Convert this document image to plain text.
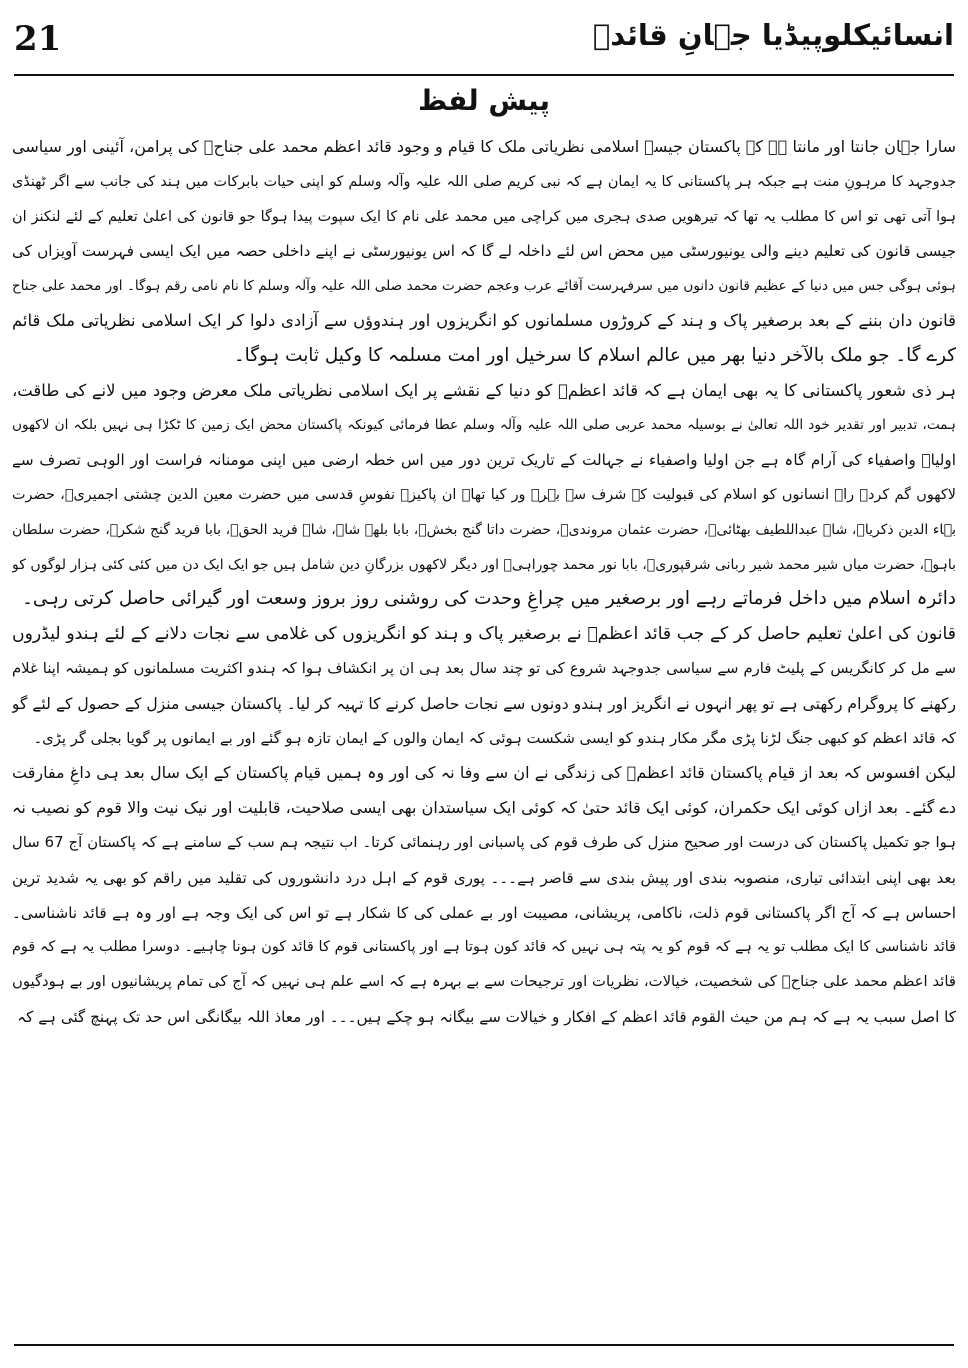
21	انسائیکلوپیڈیا جہانِ قائدؒ
پیش لفظ
سارا جہان جانتا اور مانتا ہے کہ پاکستان جیسے اسلامی نظریاتی ملک کا قیام و وجود قائد اعظم محمد علی جناحؒ کی پرامن، آئینی اور سیاسی
جدوجہد کا مرہونِ منت ہے جبکہ ہر پاکستانی کا یہ ایمان ہے کہ نبی کریم صلی اللہ علیہ وآلہ وسلم کو اپنی حیات بابرکات میں ہند کی جانب سے اگر ٹھنڈی
ہوا آتی تھی تو اس کا مطلب یہ تھا کہ تیرھویں صدی ہجری میں کراچی میں محمد علی نام کا ایک سپوت پیدا ہوگا جو قانون کی اعلیٰ تعلیم کے لئے لنکنز ان
جیسی قانون کی تعلیم دینے والی یونیورسٹی میں محض اس لئے داخلہ لے گا کہ اس یونیورسٹی نے اپنے داخلی حصہ میں ایک ایسی فہرست آویزاں کی
ہوئی ہوگی جس میں دنیا کے عظیم قانون دانوں میں سرفہرست آقائے عرب وعجم حضرت محمد صلی اللہ علیہ وآلہ وسلم کا نام نامی رقم ہوگا۔ اور محمد علی جناح
قانون دان بننے کے بعد برصغیر پاک و ہند کے کروڑوں مسلمانوں کو انگریزوں اور ہندوؤں سے آزادی دلوا کر ایک اسلامی نظریاتی ملک قائم
کرے گا۔ جو ملک بالآخر دنیا بھر میں عالم اسلام کا سرخیل اور امت مسلمہ کا وکیل ثابت ہوگا۔
ہر ذی شعور پاکستانی کا یہ بھی ایمان ہے کہ قائد اعظمؒ کو دنیا کے نقشے پر ایک اسلامی نظریاتی ملک معرض وجود میں لانے کی طاقت،
ہمت، تدبیر اور تقدیر خود اللہ تعالیٰ نے بوسیلہ محمد عربی صلی اللہ علیہ وآلہ وسلم عطا فرمائی کیونکہ پاکستان محض ایک زمین کا ٹکڑا ہی نہیں بلکہ ان لاکھوں
اولیاؒ واصفیاء کی آرام گاہ ہے جن اولیا واصفیاء نے جہالت کے تاریک ترین دور میں اس خطہ ارضی میں اپنی مومنانہ فراست اور الوہی تصرف سے
لاکھوں گم کردہ راہ انسانوں کو اسلام کی قبولیت کے شرف سے بہرہ ور کیا تھا۔ ان پاکیزہ نفوسِ قدسی میں حضرت معین الدین چشتی اجمیریؒ، حضرت
بہاء الدین ذکریاؒ، شاہ عبداللطیف بھٹائیؒ، حضرت عثمان مروندیؒ، حضرت داتا گنج بخشؒ، بابا بلھے شاہ، شاہ فرید الحقؒ، بابا فرید گنج شکرؒ، حضرت سلطان
باہوؒ، حضرت میاں شیر محمد شیر ربانی شرقپوریؒ، بابا نور محمد چوراہیؒ اور دیگر لاکھوں بزرگانِ دین شامل ہیں جو ایک ایک دن میں کئی کئی ہزار لوگوں کو
دائرہ اسلام میں داخل فرماتے رہے اور برصغیر میں چراغِ وحدت کی روشنی روز بروز وسعت اور گیرائی حاصل کرتی رہی۔
قانون کی اعلیٰ تعلیم حاصل کر کے جب قائد اعظمؒ نے برصغیر پاک و ہند کو انگریزوں کی غلامی سے نجات دلانے کے لئے ہندو لیڈروں
سے مل کر کانگریس کے پلیٹ فارم سے سیاسی جدوجہد شروع کی تو چند سال بعد ہی ان پر انکشاف ہوا کہ ہندو اکثریت مسلمانوں کو ہمیشہ اپنا غلام
رکھنے کا پروگرام رکھتی ہے تو پھر انہوں نے انگریز اور ہندو دونوں سے نجات حاصل کرنے کا تہیہ کر لیا۔ پاکستان جیسی منزل کے حصول کے لئے گو
کہ قائد اعظم کو کبھی جنگ لڑنا پڑی مگر مکار ہندو کو ایسی شکست ہوئی کہ ایمان والوں کے ایمان تازہ ہو گئے اور بے ایمانوں پر گویا بجلی گر پڑی۔
لیکن افسوس کہ بعد از قیام پاکستان قائد اعظمؒ کی زندگی نے ان سے وفا نہ کی اور وہ ہمیں قیام پاکستان کے ایک سال بعد ہی داغِ مفارقت
دے گئے۔ بعد ازاں کوئی ایک حکمران، کوئی ایک قائد حتیٰ کہ کوئی ایک سیاستدان بھی ایسی صلاحیت، قابلیت اور نیک نیت والا قوم کو نصیب نہ
ہوا جو تکمیل پاکستان کی درست اور صحیح منزل کی طرف قوم کی پاسبانی اور رہنمائی کرتا۔ اب نتیجہ ہم سب کے سامنے ہے کہ پاکستان آج 67 سال
بعد بھی اپنی ابتدائی تیاری، منصوبہ بندی اور پیش بندی سے قاصر ہے۔۔۔ پوری قوم کے اہل درد دانشوروں کی تقلید میں راقم کو بھی یہ شدید ترین
احساس ہے کہ آج اگر پاکستانی قوم ذلت، ناکامی، پریشانی، مصیبت اور بے عملی کی کا شکار ہے تو اس کی ایک وجہ ہے اور وہ ہے قائد ناشناسی۔
قائد ناشناسی کا ایک مطلب تو یہ ہے کہ قوم کو یہ پتہ ہی نہیں کہ قائد کون ہوتا ہے اور پاکستانی قوم کا قائد کون ہونا چاہیے۔ دوسرا مطلب یہ ہے کہ قوم
قائد اعظم محمد علی جناحؒ کی شخصیت، خیالات، نظریات اور ترجیحات سے بے بہرہ ہے کہ اسے علم ہی نہیں کہ آج کی تمام پریشانیوں اور بے ہودگیوں
کا اصل سبب یہ ہے کہ ہم من حیث القوم قائد اعظم کے افکار و خیالات سے بیگانہ ہو چکے ہیں۔۔۔ اور معاذ اللہ بیگانگی اس حد تک پہنچ گئی ہے کہ
